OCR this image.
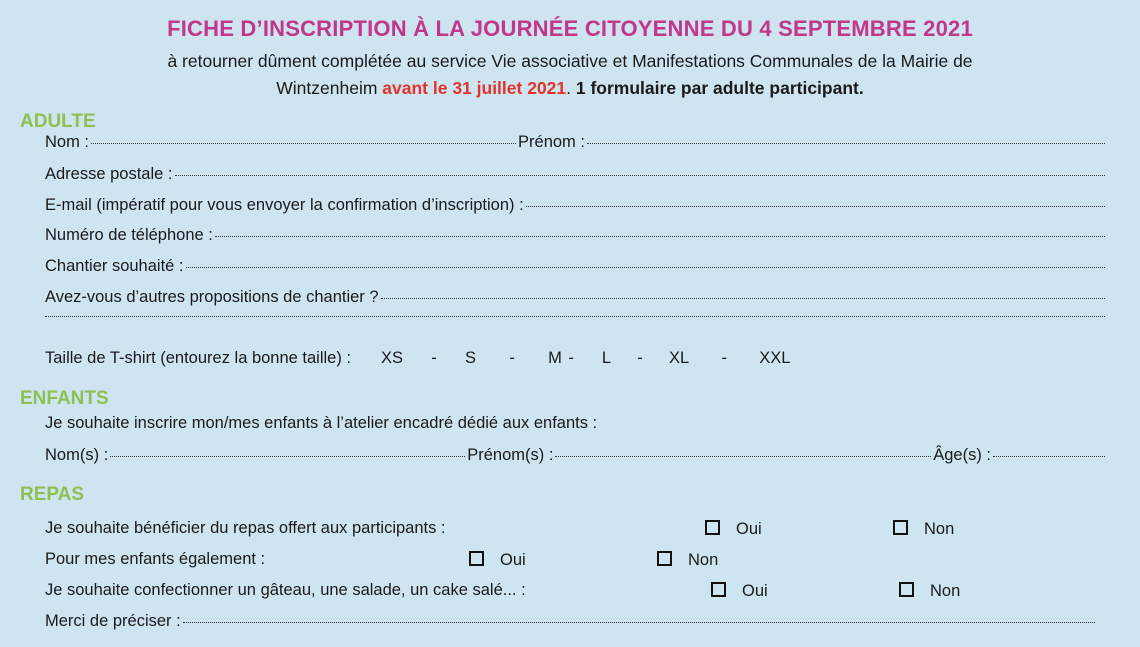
FICHE D’INSCRIPTION À LA JOURNÉE CITOYENNE DU 4 SEPTEMBRE 2021
à retourner dûment complétée au service Vie associative et Manifestations Communales de la Mairie de
Wintzenheim avant le 31 juillet 2021. 1 formulaire par adulte participant.
ADULTE
Nom :	Prénom :
Adresse postale :
E-mail (impératif pour vous envoyer la confirmation d’inscription) :
Numéro de téléphone :
Chantier souhaité :
Avez-vous d’autres propositions de chantier ?
Taille de T-shirt (entourez la bonne taille) : XS	-	S	-	M - L	-	XL	-	XXL
ENFANTS
Je souhaite inscrire mon/mes enfants à l’atelier encadré dédié aux enfants :
Nom(s) :	Prénom(s) :	Âge(s) :
REPAS
Je souhaite bénéficier du repas offert aux participants :	Oui	Non
Pour mes enfants également :	Oui	Non
Je souhaite confectionner un gâteau, une salade, un cake salé... :	Oui	Non
Merci de préciser :
